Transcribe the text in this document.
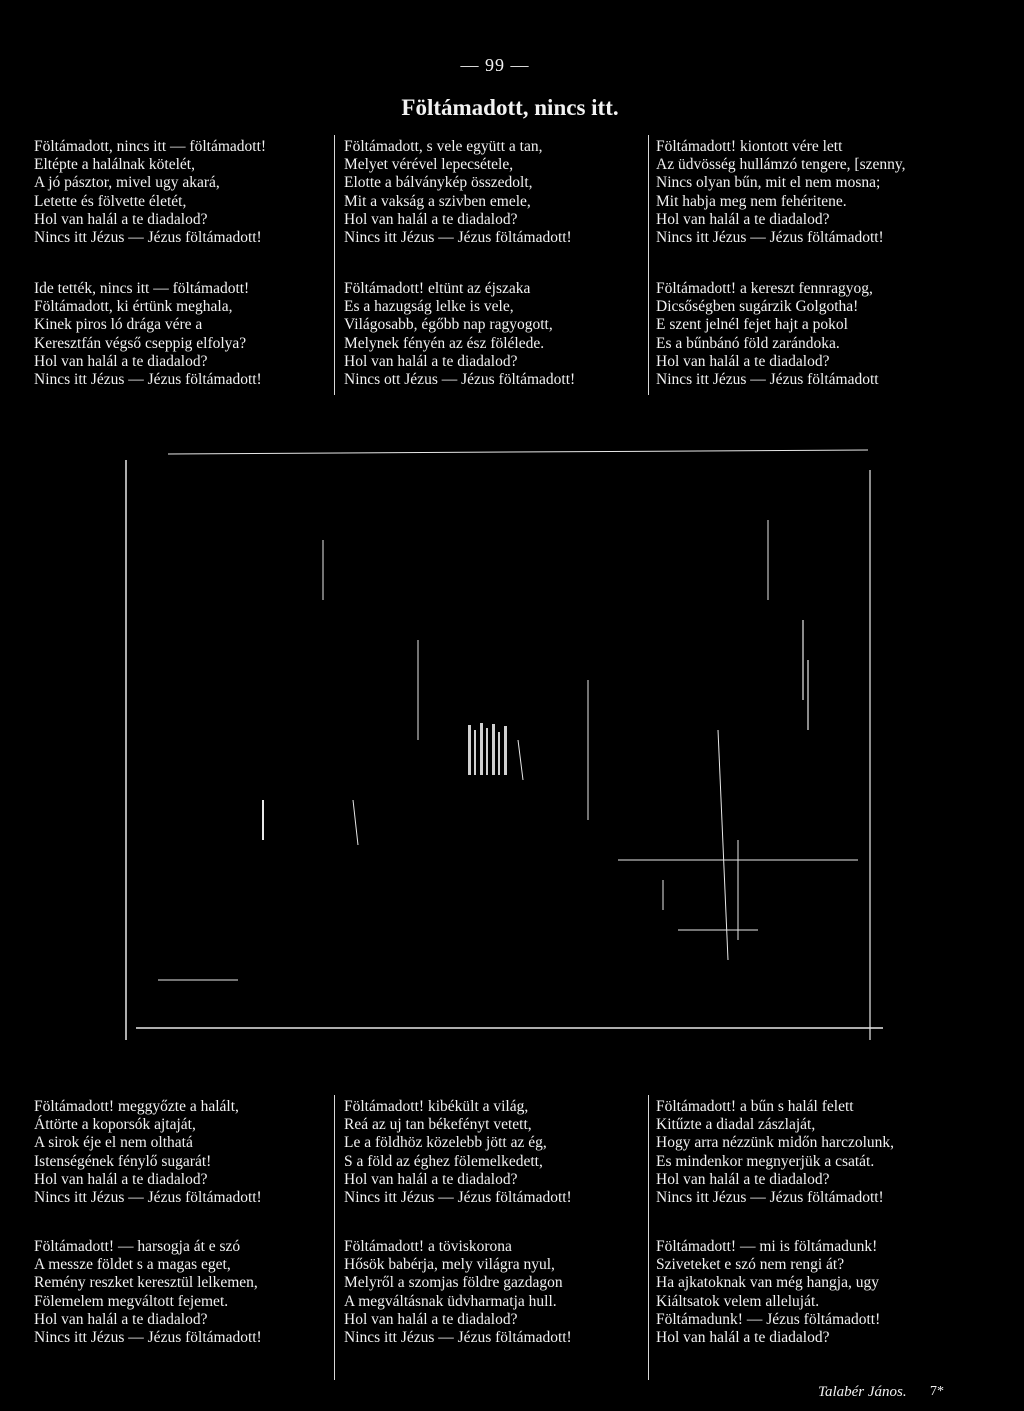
— 99 —
Föltámadott, nincs itt.
Föltámadott, nincs itt — föltámadott!
Eltépte a halálnak kötelét,
A jó pásztor, mivel ugy akará,
Letette és fölvette életét,
Hol van halál a te diadalod?
Nincs itt Jézus — Jézus föltámadott!
Föltámadott, s vele együtt a tan,
Melyet vérével lepecsétele,
Elotte a bálványkép összedolt,
Mit a vakság a szivben emele,
Hol van halál a te diadalod?
Nincs itt Jézus — Jézus föltámadott!
Föltámadott! kiontott vére lett
Az üdvösség hullámzó tengere, [szenny,
Nincs olyan bűn, mit el nem mosna;
Mit habja meg nem fehéritene.
Hol van halál a te diadalod?
Nincs itt Jézus — Jézus föltámadott!
Ide tették, nincs itt — föltámadott!
Föltámadott, ki értünk meghala,
Kinek piros ló drága vére a
Keresztfán végső cseppig elfolya?
Hol van halál a te diadalod?
Nincs itt Jézus — Jézus föltámadott!
Föltámadott! eltünt az éjszaka
Es a hazugság lelke is vele,
Világosabb, égőbb nap ragyogott,
Melynek fényén az ész fölélede.
Hol van halál a te diadalod?
Nincs ott Jézus — Jézus föltámadott!
Föltámadott! a kereszt fennragyog,
Dicsőségben sugárzik Golgotha!
E szent jelnél fejet hajt a pokol
Es a bűnbánó föld zarándoka.
Hol van halál a te diadalod?
Nincs itt Jézus — Jézus föltámadott
Föltámadott! meggyőzte a halált,
Áttörte a koporsók ajtaját,
A sirok éje el nem olthatá
Istenségének fénylő sugarát!
Hol van halál a te diadalod?
Nincs itt Jézus — Jézus föltámadott!
Föltámadott! kibékült a világ,
Reá az uj tan békefényt vetett,
Le a földhöz közelebb jött az ég,
S a föld az éghez fölemelkedett,
Hol van halál a te diadalod?
Nincs itt Jézus — Jézus föltámadott!
Föltámadott! a bűn s halál felett
Kitűzte a diadal zászlaját,
Hogy arra nézzünk midőn harczolunk,
Es mindenkor megnyerjük a csatát.
Hol van halál a te diadalod?
Nincs itt Jézus — Jézus föltámadott!
Föltámadott! — harsogja át e szó
A messze földet s a magas eget,
Remény reszket keresztül lelkemen,
Fölemelem megváltott fejemet.
Hol van halál a te diadalod?
Nincs itt Jézus — Jézus föltámadott!
Föltámadott! a töviskorona
Hősök babérja, mely világra nyul,
Melyről a szomjas földre gazdagon
A megváltásnak üdvharmatja hull.
Hol van halál a te diadalod?
Nincs itt Jézus — Jézus föltámadott!
Föltámadott! — mi is föltámadunk!
Sziveteket e szó nem rengi át?
Ha ajkatoknak van még hangja, ugy
Kiáltsatok velem alleluját.
Föltámadunk! — Jézus föltámadott!
Hol van halál a te diadalod?
Talabér János. 7*
